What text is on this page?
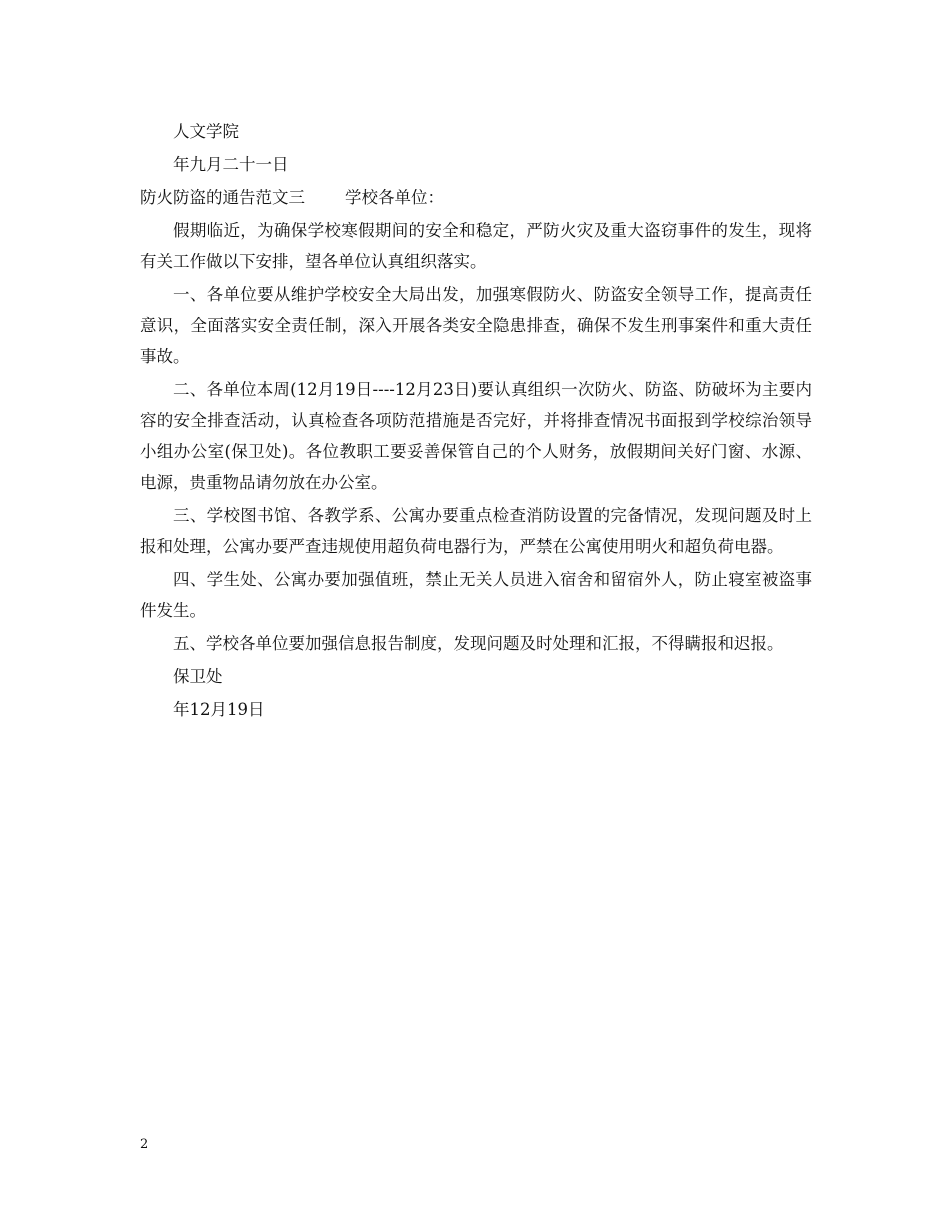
人文学院

年九月二十一日

防火防盗的通告范文三 学校各单位：

假期临近，为确保学校寒假期间的安全和稳定，严防火灾及重大盗窃事件的发生，现将有关工作做以下安排，望各单位认真组织落实。

一、各单位要从维护学校安全大局出发，加强寒假防火、防盗安全领导工作，提高责任意识，全面落实安全责任制，深入开展各类安全隐患排查，确保不发生刑事案件和重大责任事故。

二、各单位本周(12月19日----12月23日)要认真组织一次防火、防盗、防破坏为主要内容的安全排查活动，认真检查各项防范措施是否完好，并将排查情况书面报到学校综治领导小组办公室(保卫处)。各位教职工要妥善保管自己的个人财务，放假期间关好门窗、水源、电源，贵重物品请勿放在办公室。

三、学校图书馆、各教学系、公寓办要重点检查消防设置的完备情况，发现问题及时上报和处理，公寓办要严查违规使用超负荷电器行为，严禁在公寓使用明火和超负荷电器。

四、学生处、公寓办要加强值班，禁止无关人员进入宿舍和留宿外人，防止寝室被盗事件发生。

五、学校各单位要加强信息报告制度，发现问题及时处理和汇报，不得瞒报和迟报。

保卫处

年12月19日

2
